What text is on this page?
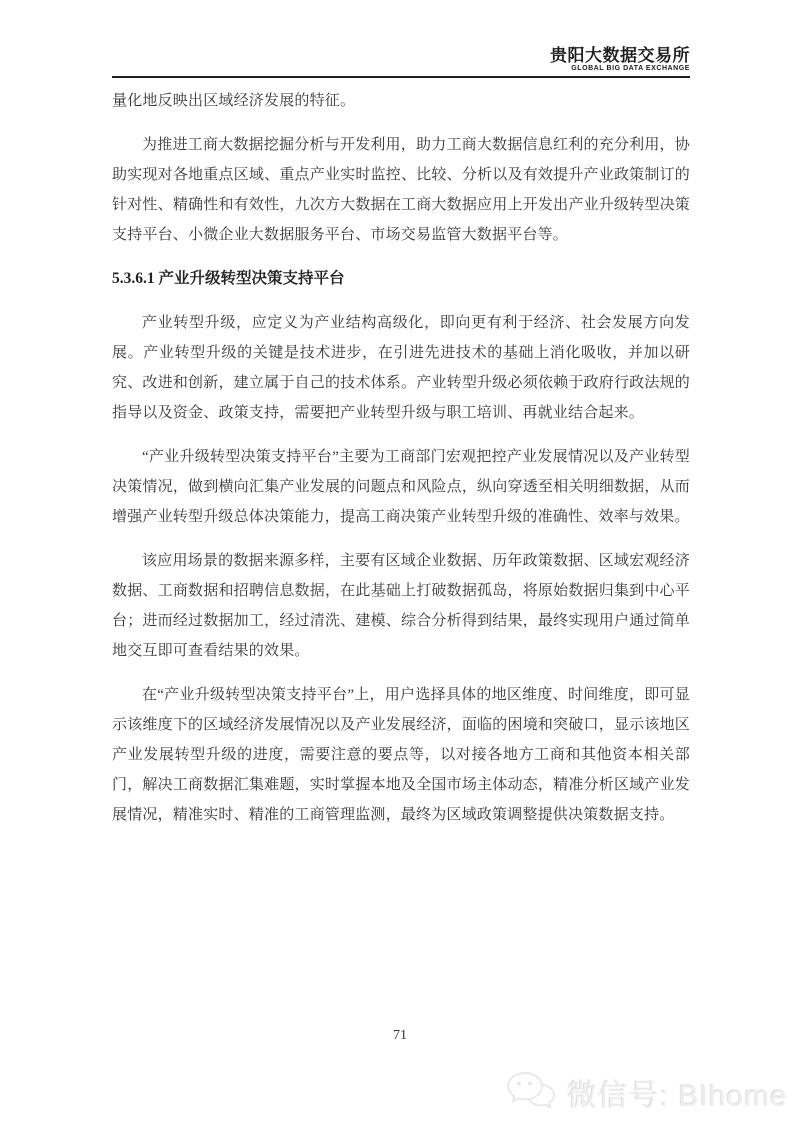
贵阳大数据交易所
GLOBAL BIG DATA EXCHANGE

量化地反映出区域经济发展的特征。

为推进工商大数据挖掘分析与开发利用，助力工商大数据信息红利的充分利用，协助实现对各地重点区域、重点产业实时监控、比较、分析以及有效提升产业政策制订的针对性、精确性和有效性，九次方大数据在工商大数据应用上开发出产业升级转型决策支持平台、小微企业大数据服务平台、市场交易监管大数据平台等。

5.3.6.1 产业升级转型决策支持平台

产业转型升级，应定义为产业结构高级化，即向更有利于经济、社会发展方向发展。产业转型升级的关键是技术进步，在引进先进技术的基础上消化吸收，并加以研究、改进和创新，建立属于自己的技术体系。产业转型升级必须依赖于政府行政法规的指导以及资金、政策支持，需要把产业转型升级与职工培训、再就业结合起来。

“产业升级转型决策支持平台”主要为工商部门宏观把控产业发展情况以及产业转型决策情况，做到横向汇集产业发展的问题点和风险点，纵向穿透至相关明细数据，从而增强产业转型升级总体决策能力，提高工商决策产业转型升级的准确性、效率与效果。

该应用场景的数据来源多样，主要有区域企业数据、历年政策数据、区域宏观经济数据、工商数据和招聘信息数据，在此基础上打破数据孤岛，将原始数据归集到中心平台；进而经过数据加工，经过清洗、建模、综合分析得到结果，最终实现用户通过简单地交互即可查看结果的效果。

在“产业升级转型决策支持平台”上，用户选择具体的地区维度、时间维度，即可显示该维度下的区域经济发展情况以及产业发展经济，面临的困境和突破口，显示该地区产业发展转型升级的进度，需要注意的要点等，以对接各地方工商和其他资本相关部门，解决工商数据汇集难题，实时掌握本地及全国市场主体动态，精准分析区域产业发展情况，精准实时、精准的工商管理监测，最终为区域政策调整提供决策数据支持。

71
微信号: BIhome
